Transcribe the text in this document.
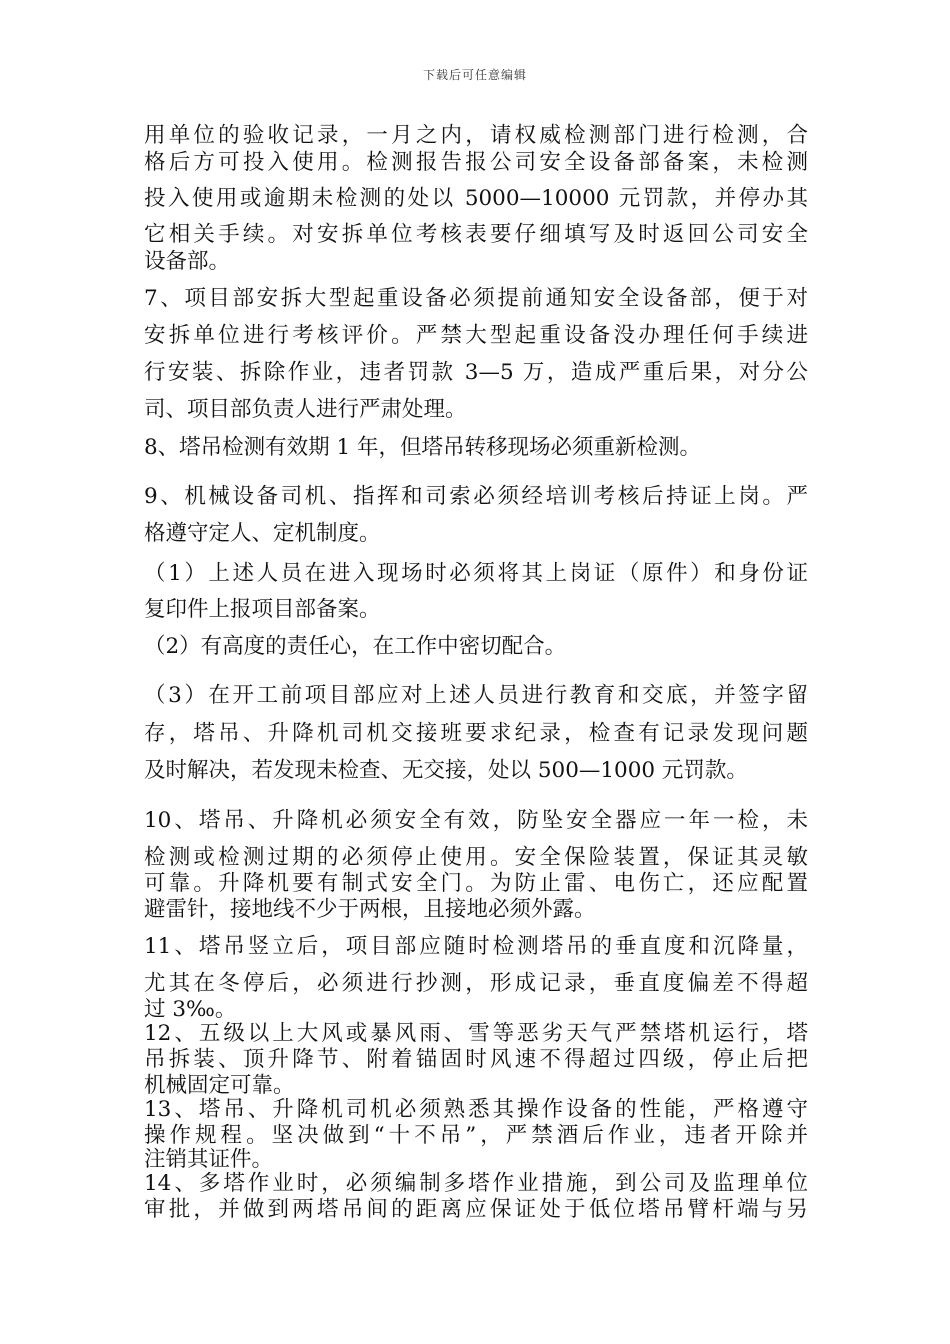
下载后可任意编辑
用单位的验收记录，一月之内，请权威检测部门进行检测，合
格后方可投入使用。检测报告报公司安全设备部备案，未检测
投入使用或逾期未检测的处以 5000—10000 元罚款，并停办其
它相关手续。对安拆单位考核表要仔细填写及时返回公司安全
设备部。
7、项目部安拆大型起重设备必须提前通知安全设备部，便于对
安拆单位进行考核评价。严禁大型起重设备没办理任何手续进
行安装、拆除作业，违者罚款 3—5 万，造成严重后果，对分公
司、项目部负责人进行严肃处理。
8、塔吊检测有效期 1 年，但塔吊转移现场必须重新检测。
9、机械设备司机、指挥和司索必须经培训考核后持证上岗。严
格遵守定人、定机制度。
（1）上述人员在进入现场时必须将其上岗证（原件）和身份证
复印件上报项目部备案。
（2）有高度的责任心，在工作中密切配合。
（3）在开工前项目部应对上述人员进行教育和交底，并签字留
存，塔吊、升降机司机交接班要求纪录，检查有记录发现问题
及时解决，若发现未检查、无交接，处以 500—1000 元罚款。
10、塔吊、升降机必须安全有效，防坠安全器应一年一检，未
检测或检测过期的必须停止使用。安全保险装置，保证其灵敏
可靠。升降机要有制式安全门。为防止雷、电伤亡，还应配置
避雷针，接地线不少于两根，且接地必须外露。
11、塔吊竖立后，项目部应随时检测塔吊的垂直度和沉降量，
尤其在冬停后，必须进行抄测，形成记录，垂直度偏差不得超
过 3‰。
12、五级以上大风或暴风雨、雪等恶劣天气严禁塔机运行，塔
吊拆装、顶升降节、附着锚固时风速不得超过四级，停止后把
机械固定可靠。
13、塔吊、升降机司机必须熟悉其操作设备的性能，严格遵守
操作规程。坚决做到“十不吊”，严禁酒后作业，违者开除并
注销其证件。
14、多塔作业时，必须编制多塔作业措施，到公司及监理单位
审批，并做到两塔吊间的距离应保证处于低位塔吊臂杆端与另
